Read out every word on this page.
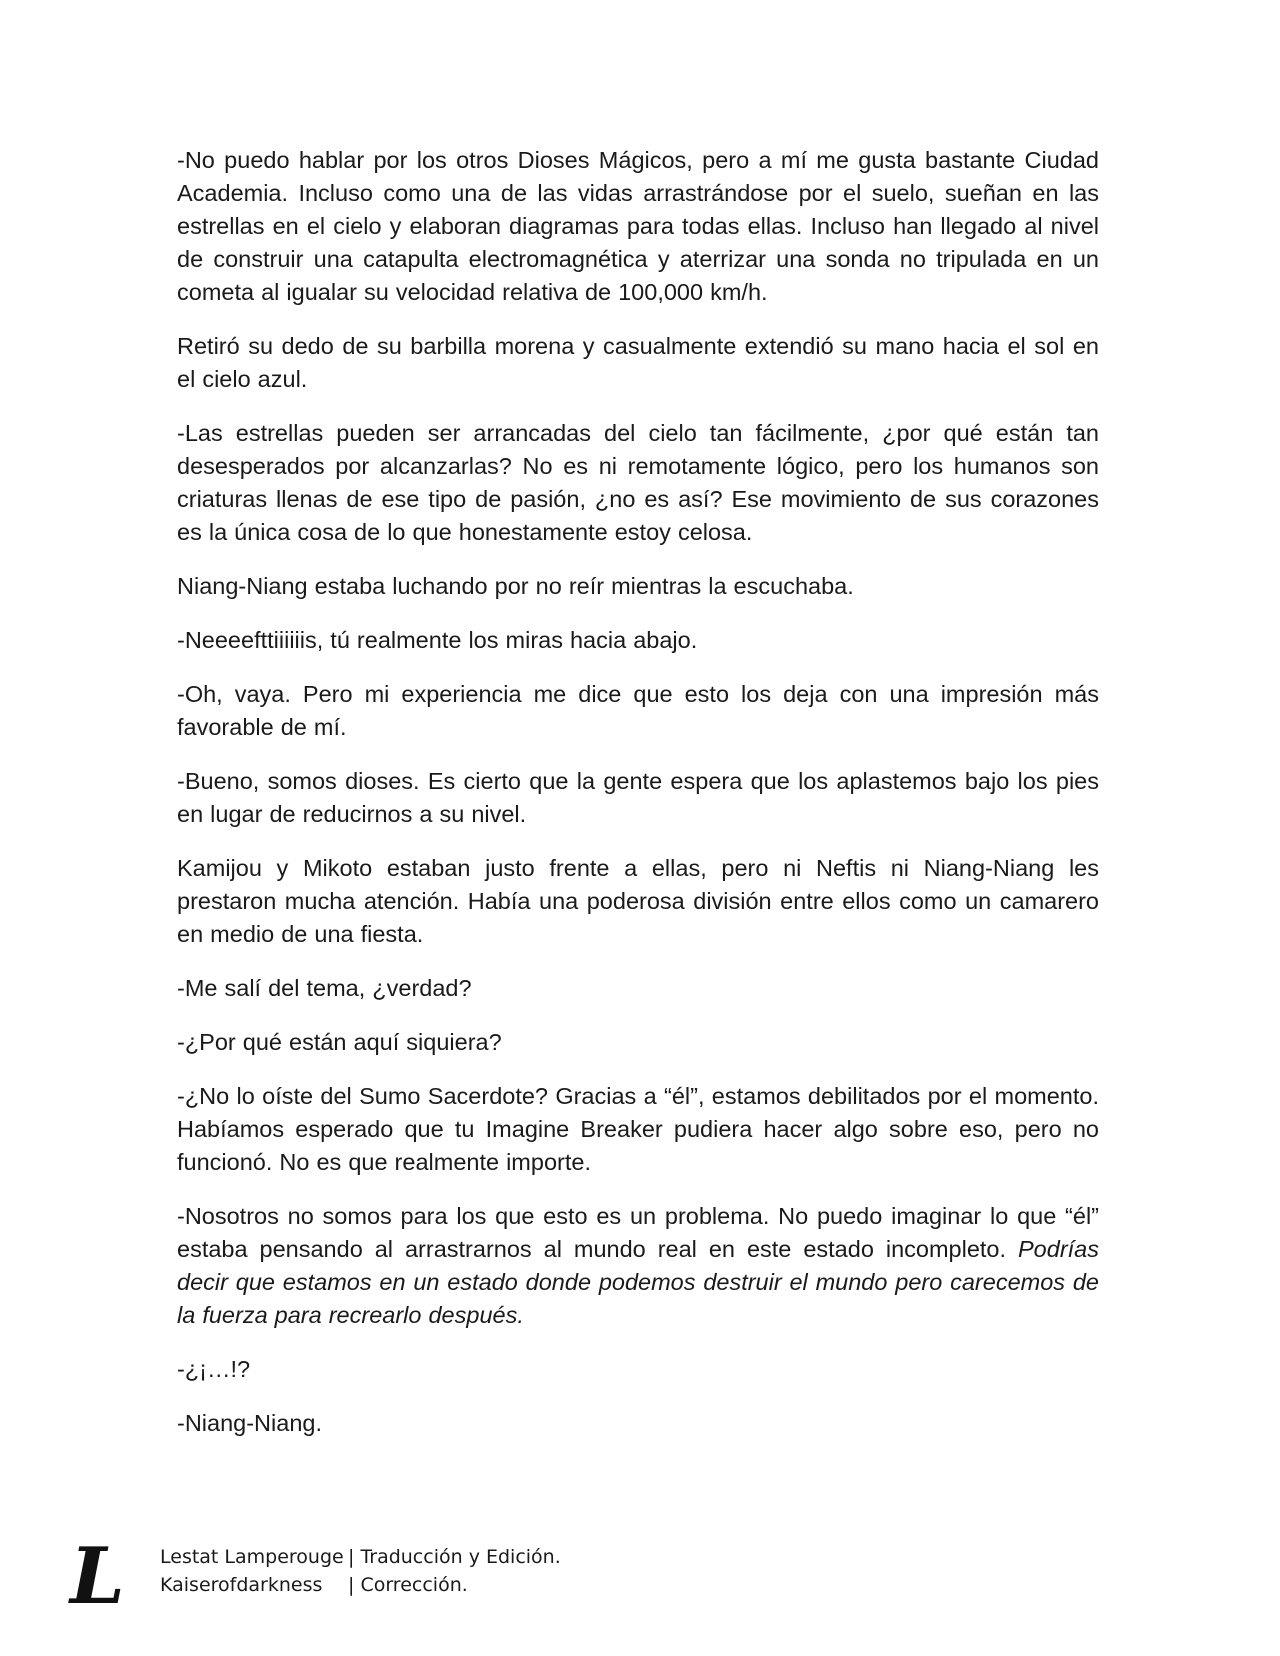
-No puedo hablar por los otros Dioses Mágicos, pero a mí me gusta bastante Ciudad Academia. Incluso como una de las vidas arrastrándose por el suelo, sueñan en las estrellas en el cielo y elaboran diagramas para todas ellas. Incluso han llegado al nivel de construir una catapulta electromagnética y aterrizar una sonda no tripulada en un cometa al igualar su velocidad relativa de 100,000 km/h.

Retiró su dedo de su barbilla morena y casualmente extendió su mano hacia el sol en el cielo azul.

-Las estrellas pueden ser arrancadas del cielo tan fácilmente, ¿por qué están tan desesperados por alcanzarlas? No es ni remotamente lógico, pero los humanos son criaturas llenas de ese tipo de pasión, ¿no es así? Ese movimiento de sus corazones es la única cosa de lo que honestamente estoy celosa.

Niang-Niang estaba luchando por no reír mientras la escuchaba.

-Neeeefttiiiiiis, tú realmente los miras hacia abajo.

-Oh, vaya. Pero mi experiencia me dice que esto los deja con una impresión más favorable de mí.

-Bueno, somos dioses. Es cierto que la gente espera que los aplastemos bajo los pies en lugar de reducirnos a su nivel.

Kamijou y Mikoto estaban justo frente a ellas, pero ni Neftis ni Niang-Niang les prestaron mucha atención. Había una poderosa división entre ellos como un camarero en medio de una fiesta.

-Me salí del tema, ¿verdad?

-¿Por qué están aquí siquiera?

-¿No lo oíste del Sumo Sacerdote? Gracias a “él”, estamos debilitados por el momento. Habíamos esperado que tu Imagine Breaker pudiera hacer algo sobre eso, pero no funcionó. No es que realmente importe.

-Nosotros no somos para los que esto es un problema. No puedo imaginar lo que “él” estaba pensando al arrastrarnos al mundo real en este estado incompleto. Podrías decir que estamos en un estado donde podemos destruir el mundo pero carecemos de la fuerza para recrearlo después.

-¿¡…!?

-Niang-Niang.

L Lestat Lamperouge | Traducción y Edición.
Kaiserofdarkness	| Corrección.
